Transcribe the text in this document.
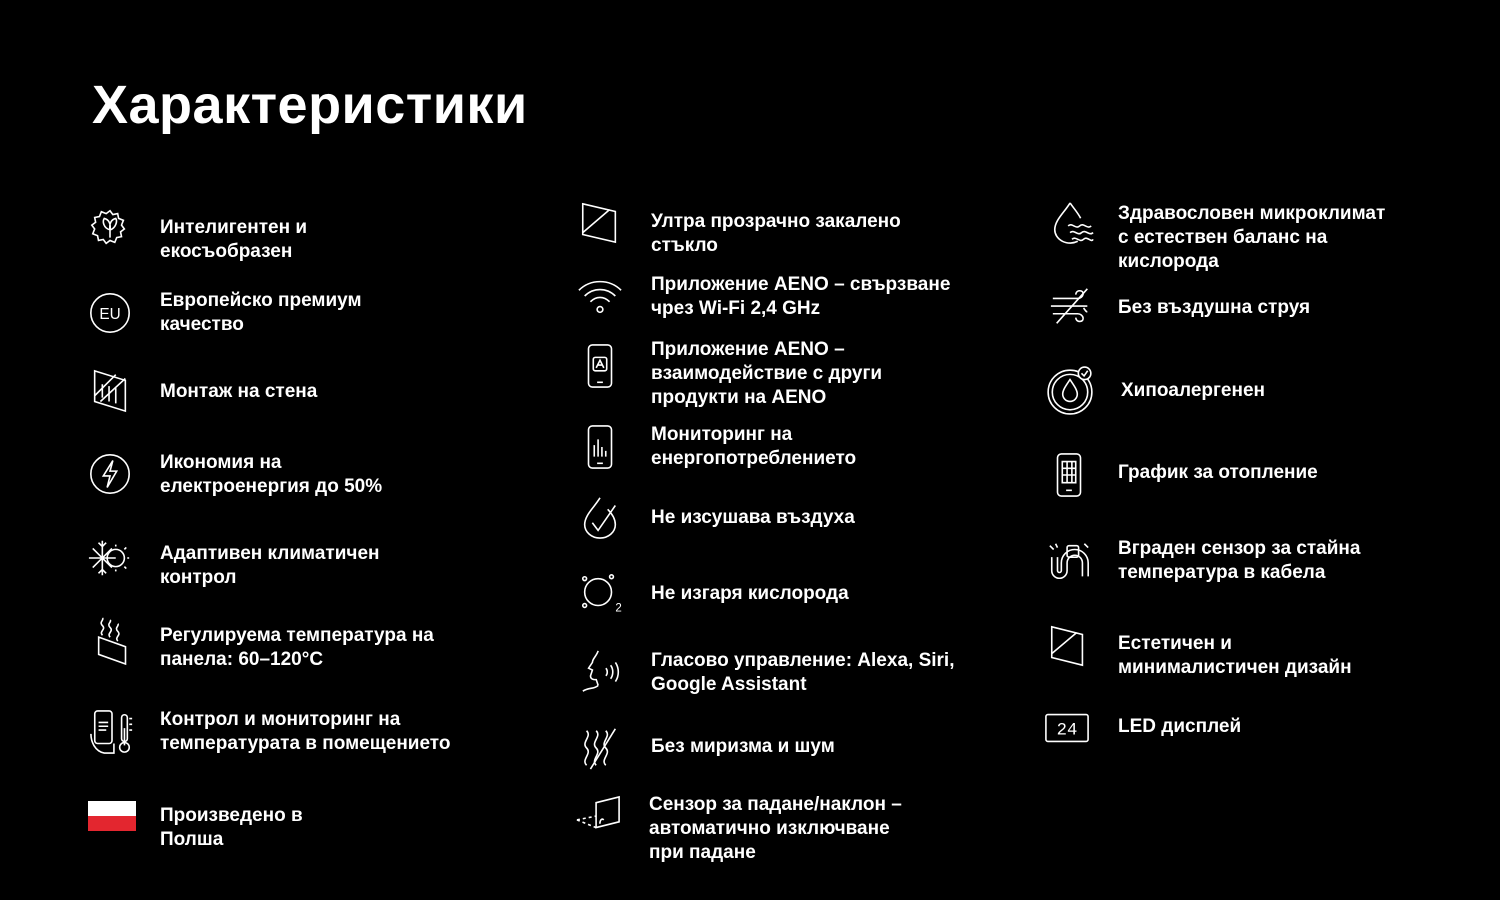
Характеристики
Интелигентен и
екосъобразен
EU
Европейско премиум
качество
Монтаж на стена
Икономия на
електроенергия до 50%
Адаптивен климатичен
контрол
Регулируема температура на
панела: 60–120°C
Контрол и мониторинг на
температурата в помещението
Произведено в
Полша
Ултра прозрачно закалено
стъкло
Приложение AENO – свързване
чрез Wi-Fi 2,4 GHz
Приложение AENO –
взаимодействие с други
продукти на AENO
Мониторинг на
енергопотреблението
Не изсушава въздуха
2
Не изгаря кислорода
Гласово управление: Alexa, Siri,
Google Assistant
Без миризма и шум
Сензор за падане/наклон –
автоматично изключване
при падане
Здравословен микроклимат
с естествен баланс на
кислорода
Без въздушна струя
Хипоалергенен
График за отопление
Вграден сензор за стайна
температура в кабела
Естетичен и
минималистичен дизайн
24 LED дисплей
